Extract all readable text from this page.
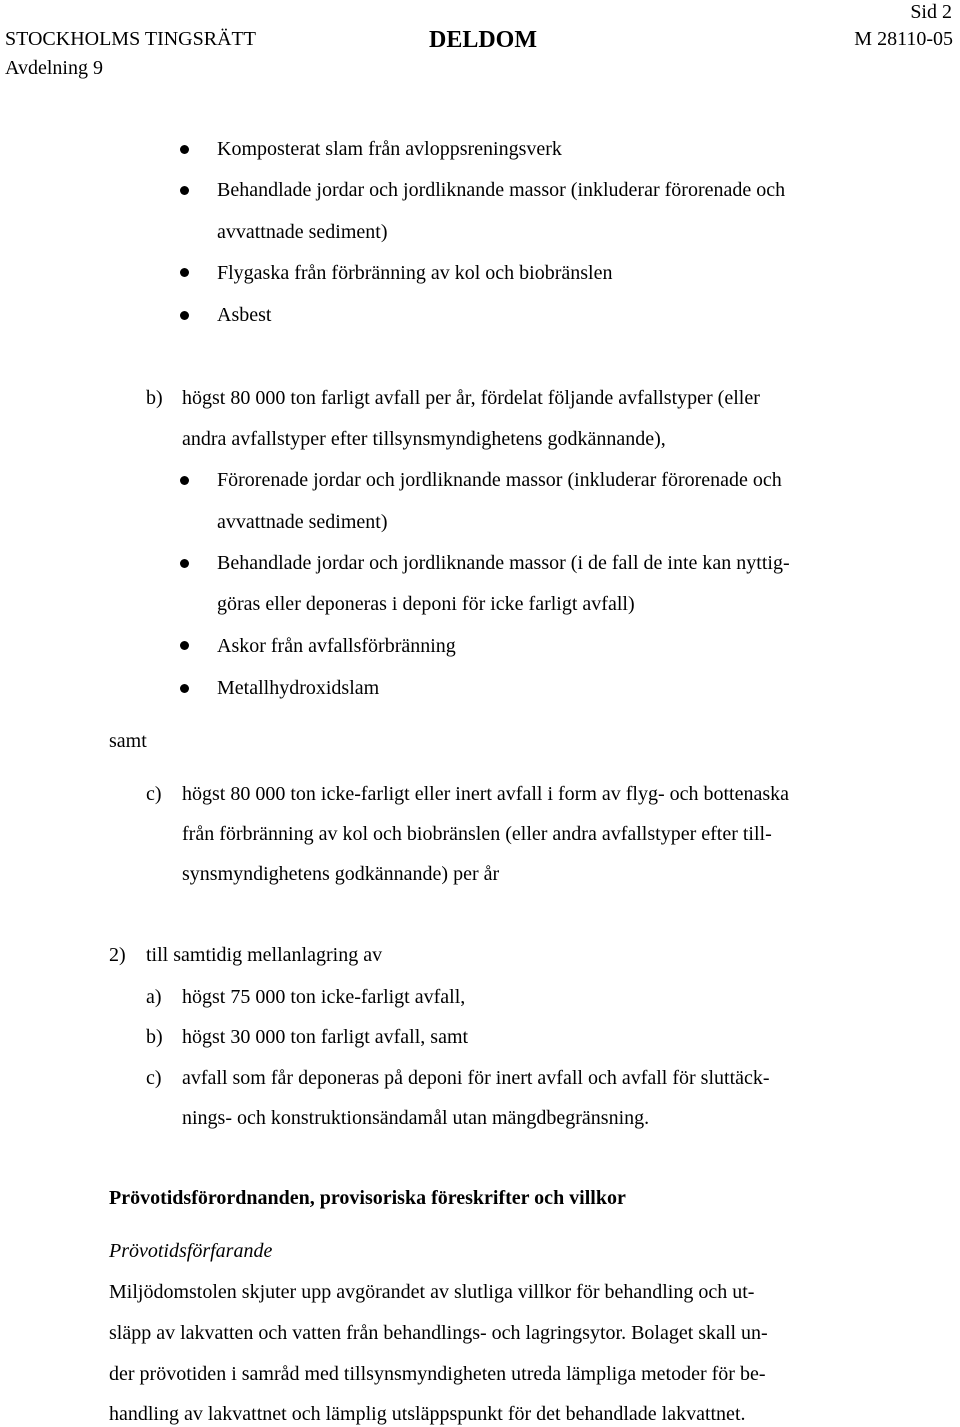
STOCKHOLMS TINGSRÄTT
Avdelning 9
DELDOM
Sid 2
M 28110-05
Komposterat slam från avloppsreningsverk
Behandlade jordar och jordliknande massor (inkluderar förorenade och
avvattnade sediment)
Flygaska från förbränning av kol och biobränslen
Asbest
b) högst 80 000 ton farligt avfall per år, fördelat följande avfallstyper (eller
andra avfallstyper efter tillsynsmyndighetens godkännande),
Förorenade jordar och jordliknande massor (inkluderar förorenade och
avvattnade sediment)
Behandlade jordar och jordliknande massor (i de fall de inte kan nyttig-
göras eller deponeras i deponi för icke farligt avfall)
Askor från avfallsförbränning
Metallhydroxidslam
samt
c) högst 80 000 ton icke-farligt eller inert avfall i form av flyg- och bottenaska
från förbränning av kol och biobränslen (eller andra avfallstyper efter till-
synsmyndighetens godkännande) per år
2) till samtidig mellanlagring av
a) högst 75 000 ton icke-farligt avfall,
b) högst 30 000 ton farligt avfall, samt
c) avfall som får deponeras på deponi för inert avfall och avfall för sluttäck-
nings- och konstruktionsändamål utan mängdbegränsning.
Prövotidsförordnanden, provisoriska föreskrifter och villkor
Prövotidsförfarande
Miljödomstolen skjuter upp avgörandet av slutliga villkor för behandling och ut-
släpp av lakvatten och vatten från behandlings- och lagringsytor. Bolaget skall un-
der prövotiden i samråd med tillsynsmyndigheten utreda lämpliga metoder för be-
handling av lakvattnet och lämplig utsläppspunkt för det behandlade lakvattnet.
